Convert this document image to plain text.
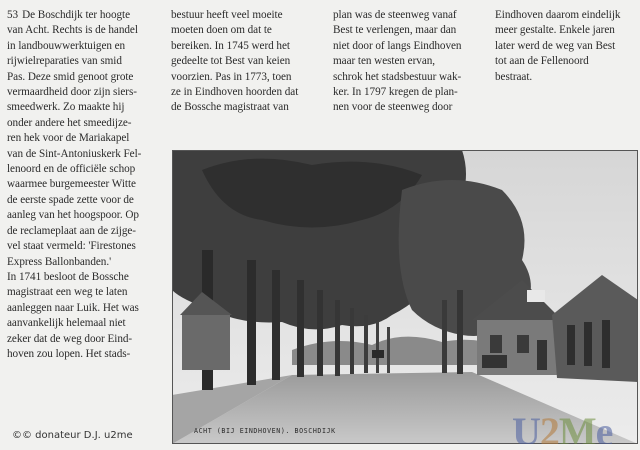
53 De Boschdijk ter hoogte
van Acht. Rechts is de handel
in landbouwwerktuigen en
rijwielreparaties van smid
Pas. Deze smid genoot grote
vermaardheid door zijn siers-
smeedwerk. Zo maakte hij
onder andere het smeedijze-
ren hek voor de Mariakapel
van de Sint-Antoniuskerk Fel-
lenoord en de officiële schop
waarmee burgemeester Witte
de eerste spade zette voor de
aanleg van het hoogspoor. Op
de reclameplaat aan de zijge-
vel staat vermeld: 'Firestones
Express Ballonbanden.'
In 1741 besloot de Bossche
magistraat een weg te laten
aanleggen naar Luik. Het was
aanvankelijk helemaal niet
zeker dat de weg door Eind-
hoven zou lopen. Het stads-
bestuur heeft veel moeite
moeten doen om dat te
bereiken. In 1745 werd het
gedeelte tot Best van keien
voorzien. Pas in 1773, toen
ze in Eindhoven hoorden dat
de Bossche magistraat van
plan was de steenweg vanaf
Best te verlengen, maar dan
niet door of langs Eindhoven
maar ten westen ervan,
schrok het stadsbestuur wak-
ker. In 1797 kregen de plan-
nen voor de steenweg door
Eindhoven daarom eindelijk
meer gestalte. Enkele jaren
later werd de weg van Best
tot aan de Fellenoord
bestraat.
ACHT (BIJ EINDHOVEN). BOSCHDIJK	U2Me
©© donateur D.J. u2me
